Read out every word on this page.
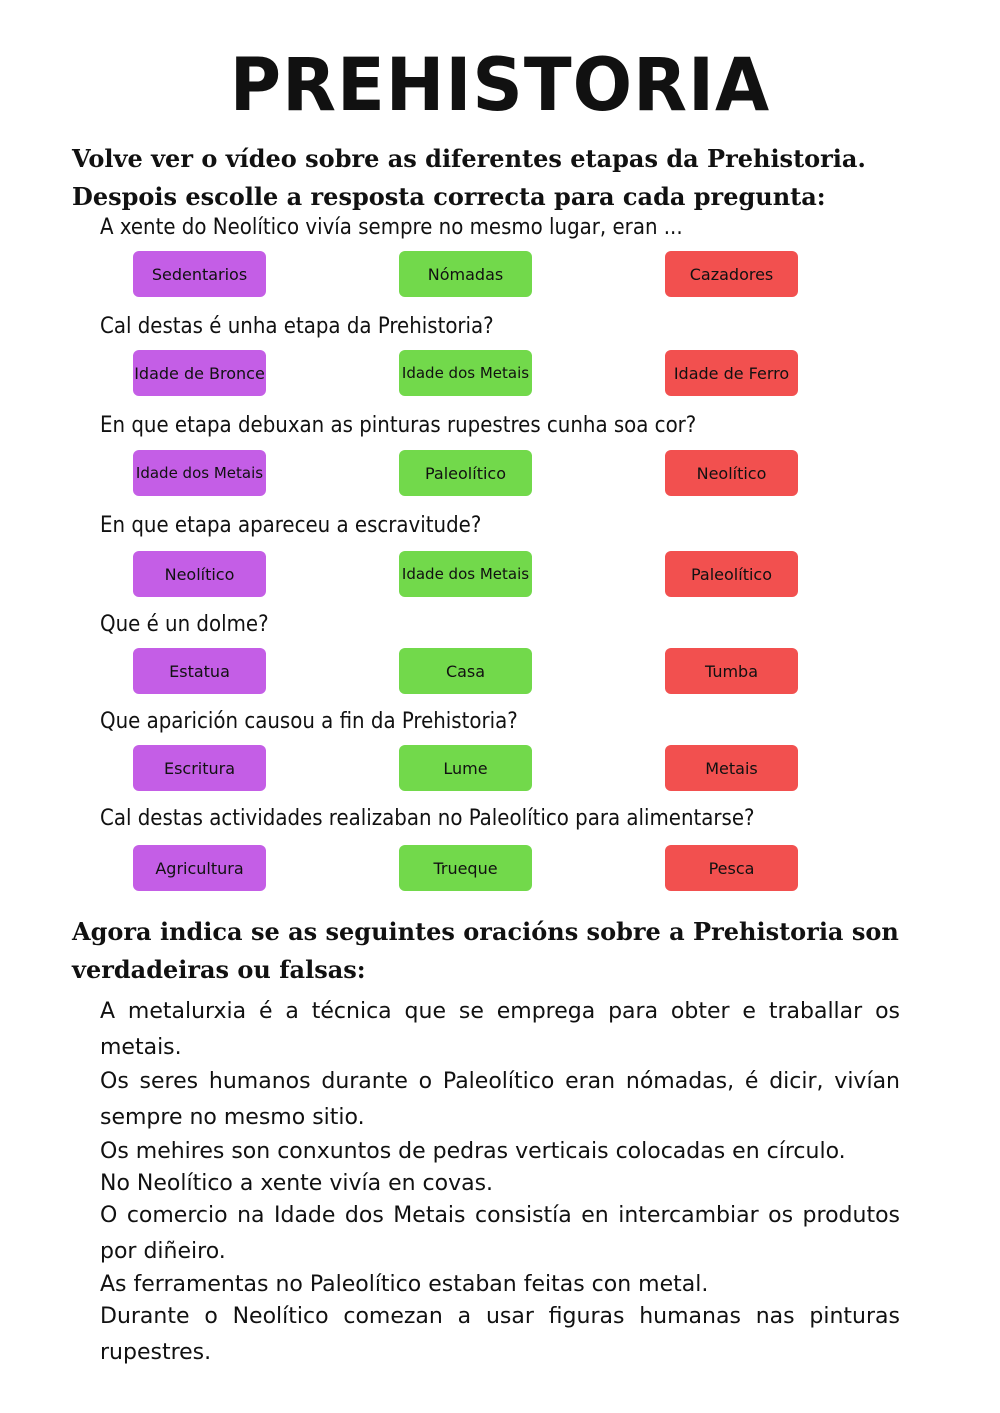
PREHISTORIA
Volve ver o vídeo sobre as diferentes etapas da Prehistoria. Despois escolle a resposta correcta para cada pregunta:
A xente do Neolítico vivía sempre no mesmo lugar, eran ...
Sedentarios	Nómadas	Cazadores
Cal destas é unha etapa da Prehistoria?
Idade de Bronce	Idade dos Metais	Idade de Ferro
En que etapa debuxan as pinturas rupestres cunha soa cor?
Idade dos Metais	Paleolítico	Neolítico
En que etapa apareceu a escravitude?
Neolítico	Idade dos Metais	Paleolítico
Que é un dolme?
Estatua	Casa	Tumba
Que aparición causou a fin da Prehistoria?
Escritura	Lume	Metais
Cal destas actividades realizaban no Paleolítico para alimentarse?
Agricultura	Trueque	Pesca
Agora indica se as seguintes oracións sobre a Prehistoria son verdadeiras ou falsas:
A metalurxia é a técnica que se emprega para obter e traballar os metais.
Os seres humanos durante o Paleolítico eran nómadas, é dicir, vivían sempre no mesmo sitio.
Os mehires son conxuntos de pedras verticais colocadas en círculo.
No Neolítico a xente vivía en covas.
O comercio na Idade dos Metais consistía en intercambiar os produtos por diñeiro.
As ferramentas no Paleolítico estaban feitas con metal.
Durante o Neolítico comezan a usar figuras humanas nas pinturas rupestres.
